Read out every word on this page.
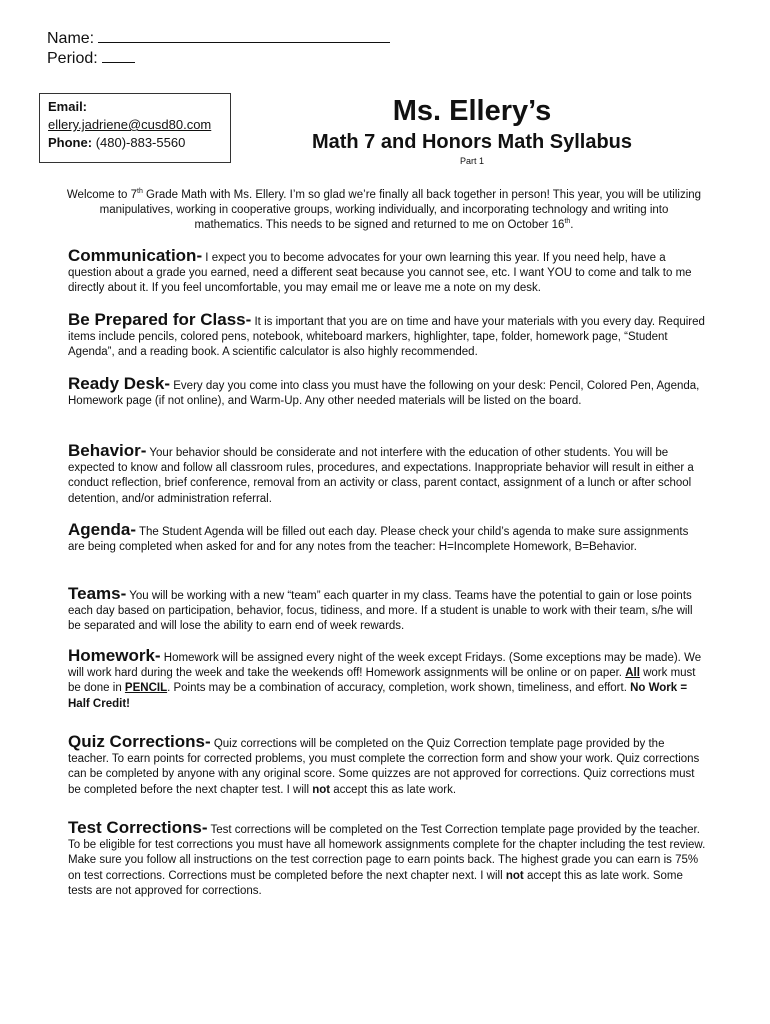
Name:
Period:
Email:
ellery.jadriene@cusd80.com
Phone: (480)-883-5560
Ms. Ellery’s
Math 7 and Honors Math Syllabus
Part 1
Welcome to 7th Grade Math with Ms. Ellery. I’m so glad we’re finally all back together in person! This year, you will be utilizing manipulatives, working in cooperative groups, working individually, and incorporating technology and writing into mathematics. This needs to be signed and returned to me on October 16th.
Communication- I expect you to become advocates for your own learning this year. If you need help, have a question about a grade you earned, need a different seat because you cannot see, etc. I want YOU to come and talk to me directly about it. If you feel uncomfortable, you may email me or leave me a note on my desk.
Be Prepared for Class- It is important that you are on time and have your materials with you every day. Required items include pencils, colored pens, notebook, whiteboard markers, highlighter, tape, folder, homework page, “Student Agenda”, and a reading book. A scientific calculator is also highly recommended.
Ready Desk- Every day you come into class you must have the following on your desk: Pencil, Colored Pen, Agenda, Homework page (if not online), and Warm-Up. Any other needed materials will be listed on the board.
Behavior- Your behavior should be considerate and not interfere with the education of other students. You will be expected to know and follow all classroom rules, procedures, and expectations. Inappropriate behavior will result in either a conduct reflection, brief conference, removal from an activity or class, parent contact, assignment of a lunch or after school detention, and/or administration referral.
Agenda- The Student Agenda will be filled out each day. Please check your child’s agenda to make sure assignments are being completed when asked for and for any notes from the teacher: H=Incomplete Homework, B=Behavior.
Teams- You will be working with a new “team” each quarter in my class. Teams have the potential to gain or lose points each day based on participation, behavior, focus, tidiness, and more. If a student is unable to work with their team, s/he will be separated and will lose the ability to earn end of week rewards.
Homework- Homework will be assigned every night of the week except Fridays. (Some exceptions may be made). We will work hard during the week and take the weekends off! Homework assignments will be online or on paper. All work must be done in PENCIL. Points may be a combination of accuracy, completion, work shown, timeliness, and effort. No Work = Half Credit!
Quiz Corrections- Quiz corrections will be completed on the Quiz Correction template page provided by the teacher. To earn points for corrected problems, you must complete the correction form and show your work. Quiz corrections can be completed by anyone with any original score. Some quizzes are not approved for corrections. Quiz corrections must be completed before the next chapter test. I will not accept this as late work.
Test Corrections- Test corrections will be completed on the Test Correction template page provided by the teacher. To be eligible for test corrections you must have all homework assignments complete for the chapter including the test review. Make sure you follow all instructions on the test correction page to earn points back. The highest grade you can earn is 75% on test corrections. Corrections must be completed before the next chapter next. I will not accept this as late work. Some tests are not approved for corrections.
